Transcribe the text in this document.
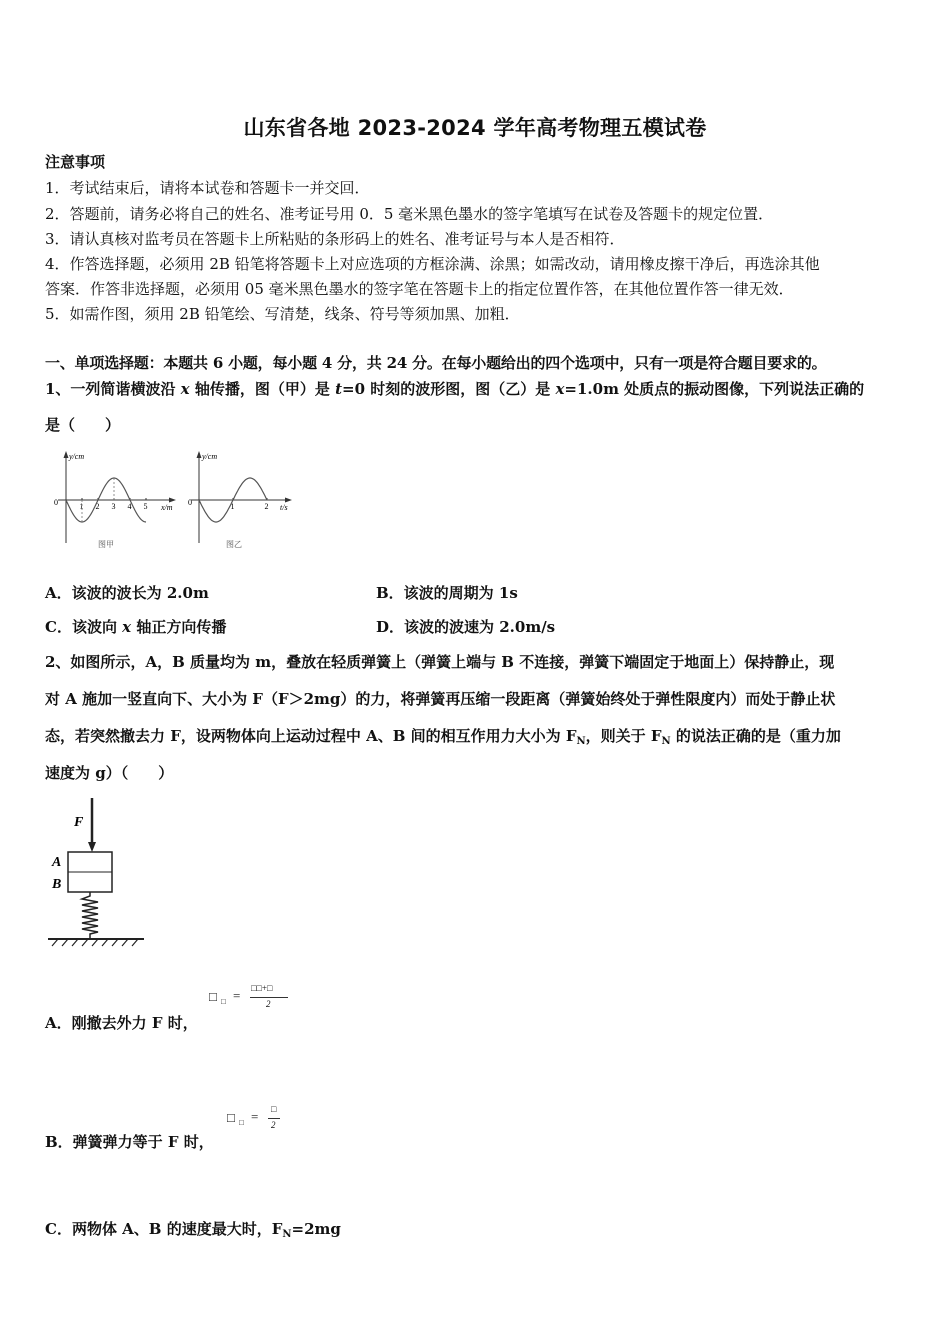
山东省各地 2023-2024 学年高考物理五模试卷
注意事项
1．考试结束后，请将本试卷和答题卡一并交回．
2．答题前，请务必将自己的姓名、准考证号用 0．5 毫米黑色墨水的签字笔填写在试卷及答题卡的规定位置．
3．请认真核对监考员在答题卡上所粘贴的条形码上的姓名、准考证号与本人是否相符．
4．作答选择题，必须用 2B 铅笔将答题卡上对应选项的方框涂满、涂黑；如需改动，请用橡皮擦干净后，再选涂其他
答案．作答非选择题，必须用 05 毫米黑色墨水的签字笔在答题卡上的指定位置作答，在其他位置作答一律无效．
5．如需作图，须用 2B 铅笔绘、写清楚，线条、符号等须加黑、加粗．
一、单项选择题：本题共 6 小题，每小题 4 分，共 24 分。在每小题给出的四个选项中，只有一项是符合题目要求的。
1、一列简谐横波沿 x 轴传播，图（甲）是 t=0 时刻的波形图，图（乙）是 x=1.0m 处质点的振动图像，下列说法正确的
是（　　）
y/cm
x/m
0	1 2 3 4 5
图甲
y/cm
t/s
0	1	2
图乙
A．该波的波长为 2.0m	B．该波的周期为 1s
C．该波向 x 轴正方向传播	D．该波的波速为 2.0m/s
2、如图所示，A，B 质量均为 m，叠放在轻质弹簧上（弹簧上端与 B 不连接，弹簧下端固定于地面上）保持静止，现
对 A 施加一竖直向下、大小为 F（F＞2mg）的力，将弹簧再压缩一段距离（弹簧始终处于弹性限度内）而处于静止状
态，若突然撤去力 F，设两物体向上运动过程中 A、B 间的相互作用力大小为 $F_N$，则关于 $F_N$ 的说法正确的是（重力加
速度为 g）（　　）
F
A
B
A．刚撤去外力 F 时，
□ □ = □□+□
2
B．弹簧弹力等于 F 时，
□ □ = □
2
C．两物体 A、B 的速度最大时，$F_N=2mg$
